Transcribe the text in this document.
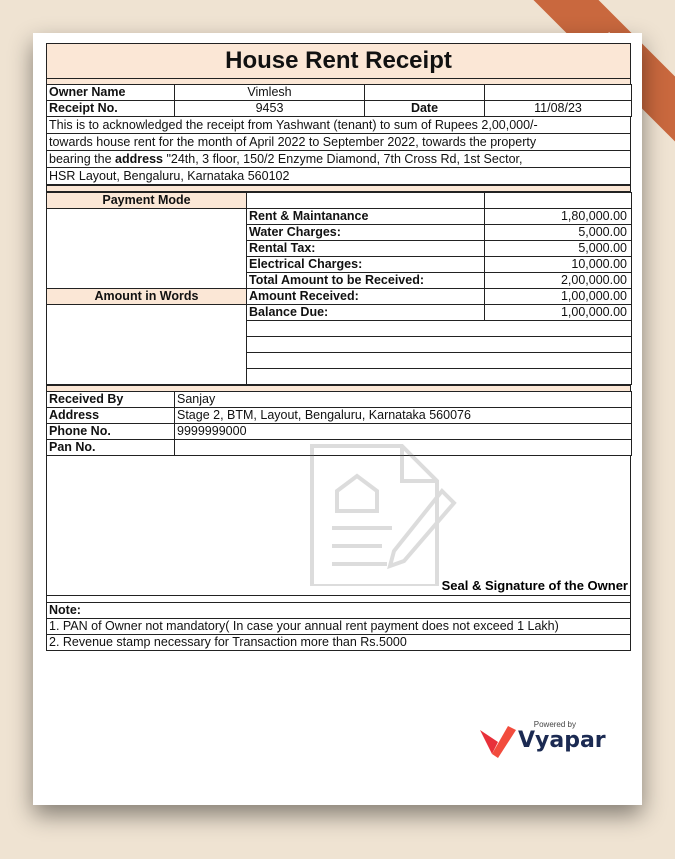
House Rent Receipt
Owner Name	Vimlesh		
Receipt No.	9453	Date	11/08/23
This is to acknowledged the receipt from Yashwant (tenant) to sum of Rupees 2,00,000/-
towards house rent for the month of April 2022 to September 2022, towards the property
bearing the address "24th, 3 floor, 150/2 Enzyme Diamond, 7th Cross Rd, 1st Sector,
HSR Layout, Bengaluru, Karnataka 560102
Payment Mode		
	Rent & Maintanance	1,80,000.00
	Water Charges:	5,000.00
	Rental Tax:	5,000.00
	Electrical Charges:	10,000.00
	Total Amount to be Received:	2,00,000.00
Amount in Words	Amount Received:	1,00,000.00
	Balance Due:	1,00,000.00

Received By	Sanjay
Address	Stage 2, BTM, Layout, Bengaluru, Karnataka 560076
Phone No.	9999999000
Pan No.	
Seal & Signature of the Owner
Note:
1. PAN of Owner not mandatory( In case your annual rent payment does not exceed 1 Lakh)
2. Revenue stamp necessary for Transaction more than Rs.5000
Powered by
Vyapar
